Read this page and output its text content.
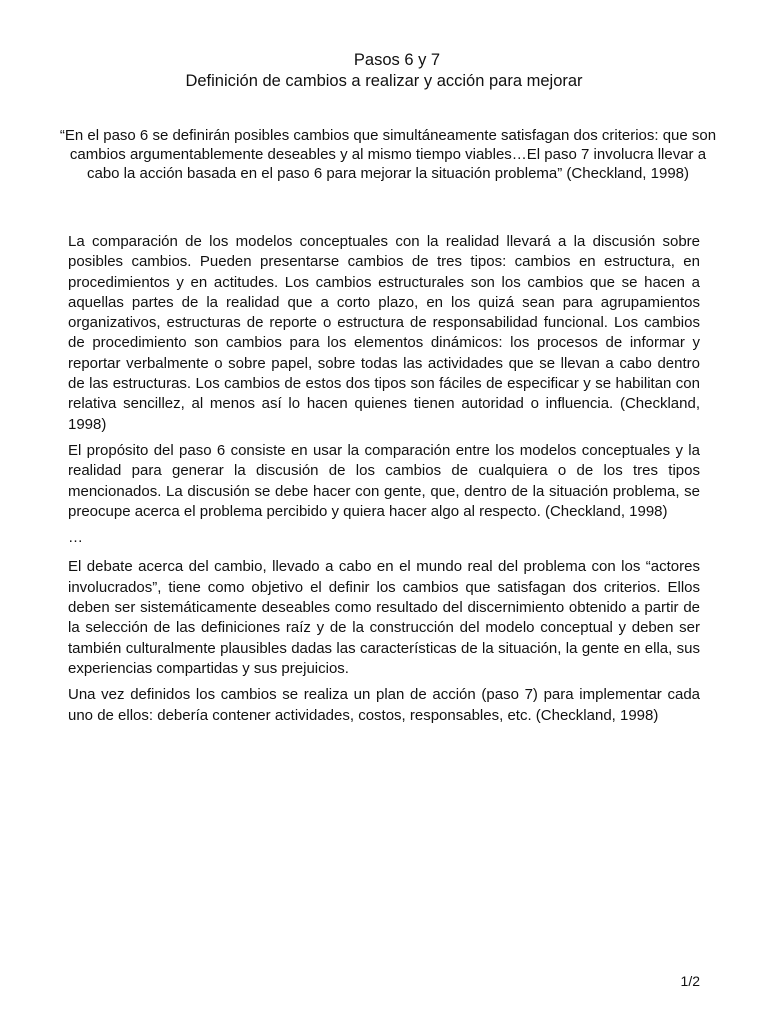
Pasos 6 y 7

Definición de cambios a realizar y acción para mejorar

“En el paso 6 se definirán posibles cambios que simultáneamente satisfagan dos criterios: que son cambios argumentablemente deseables y al mismo tiempo viables…El paso 7 involucra llevar a cabo la acción basada en el paso 6 para mejorar la situación problema” (Checkland, 1998)

La comparación de los modelos conceptuales con la realidad llevará a la discusión sobre posibles cambios. Pueden presentarse cambios de tres tipos: cambios en estructura, en procedimientos y en actitudes. Los cambios estructurales son los cambios que se hacen a aquellas partes de la realidad que a corto plazo, en los quizá sean para agrupamientos organizativos, estructuras de reporte o estructura de responsabilidad funcional. Los cambios de procedimiento son cambios para los elementos dinámicos: los procesos de informar y reportar verbalmente o sobre papel, sobre todas las actividades que se llevan a cabo dentro de las estructuras. Los cambios de estos dos tipos son fáciles de especificar y se habilitan con relativa sencillez, al menos así lo hacen quienes tienen autoridad o influencia. (Checkland, 1998)

El propósito del paso 6 consiste en usar la comparación entre los modelos conceptuales y la realidad para generar la discusión de los cambios de cualquiera o de los tres tipos mencionados. La discusión se debe hacer con gente, que, dentro de la situación problema, se preocupe acerca el problema percibido y quiera hacer algo al respecto. (Checkland, 1998)

…

El debate acerca del cambio, llevado a cabo en el mundo real del problema con los “actores involucrados”, tiene como objetivo el definir los cambios que satisfagan dos criterios. Ellos deben ser sistemáticamente deseables como resultado del discernimiento obtenido a partir de la selección de las definiciones raíz y de la construcción del modelo conceptual y deben ser también culturalmente plausibles dadas las características de la situación, la gente en ella, sus experiencias compartidas y sus prejuicios.

Una vez definidos los cambios se realiza un plan de acción (paso 7) para implementar cada uno de ellos: debería contener actividades, costos, responsables, etc. (Checkland, 1998)

1/2
